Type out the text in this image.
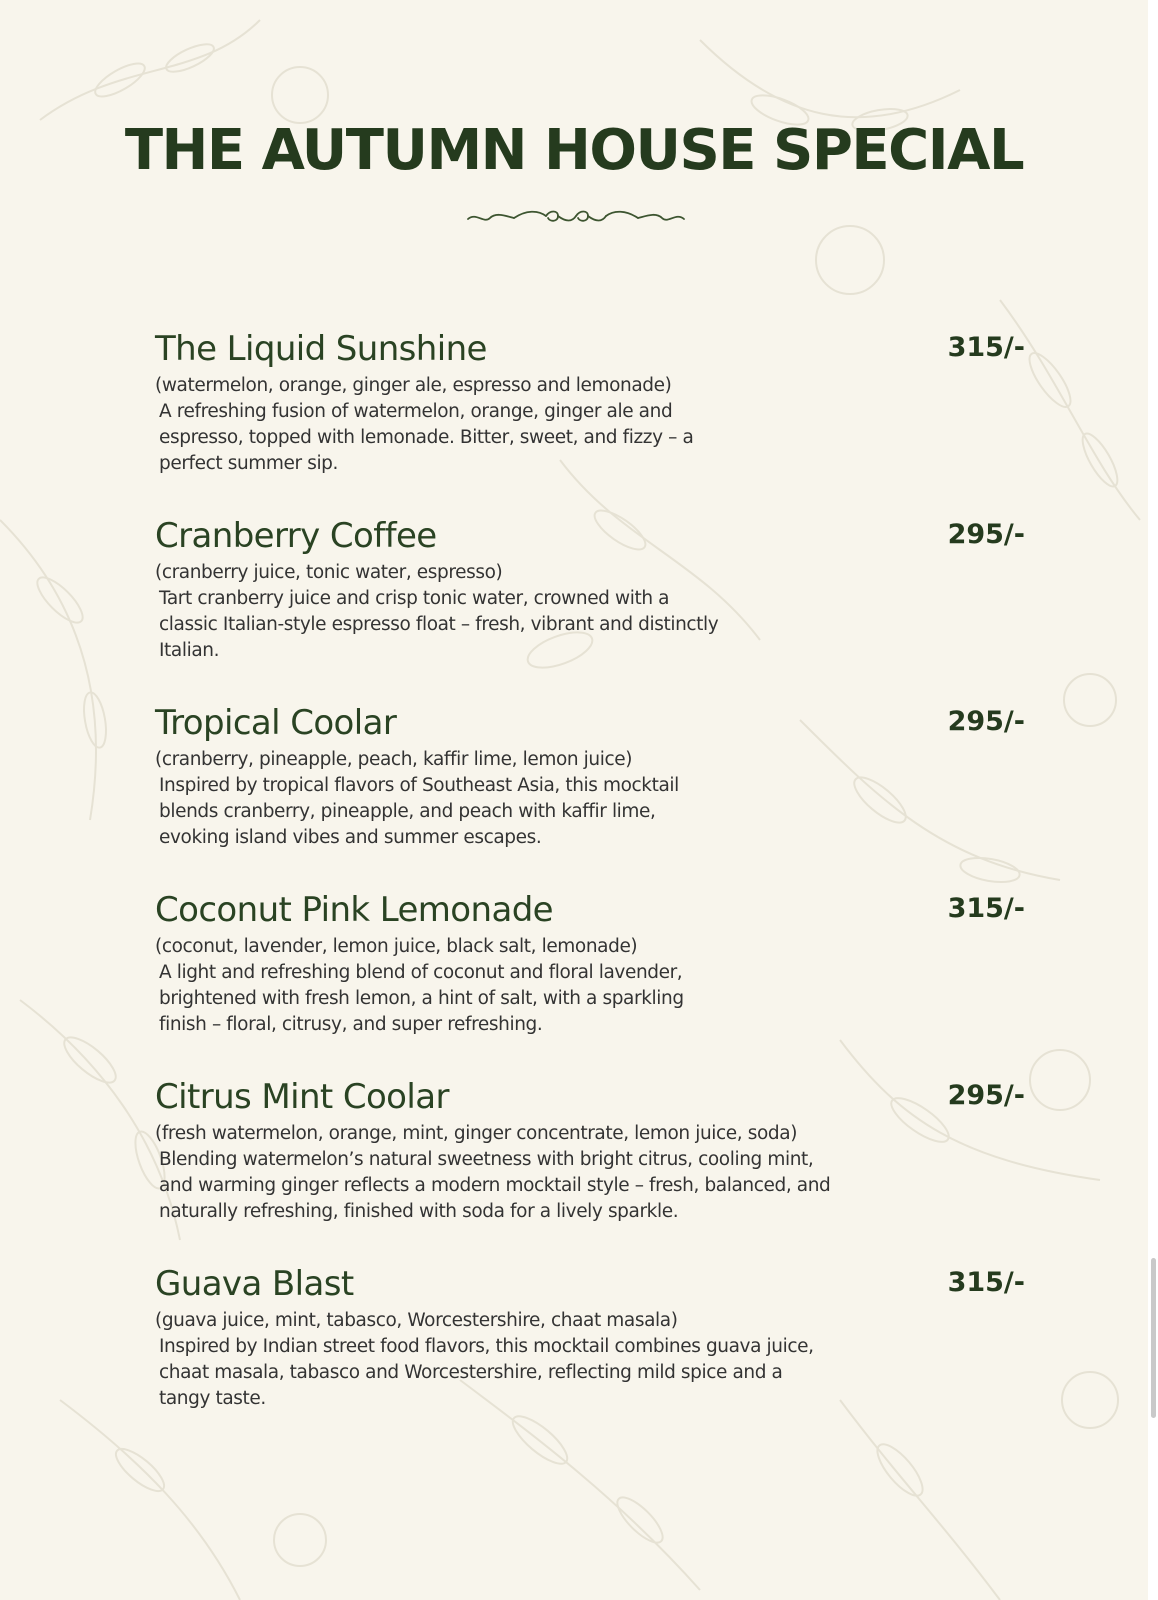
THE AUTUMN HOUSE SPECIAL
The Liquid Sunshine	315/-
(watermelon, orange, ginger ale, espresso and lemonade)
A refreshing fusion of watermelon, orange, ginger ale and
espresso, topped with lemonade. Bitter, sweet, and fizzy – a
perfect summer sip.
Cranberry Coffee	295/-
(cranberry juice, tonic water, espresso)
Tart cranberry juice and crisp tonic water, crowned with a
classic Italian-style espresso float – fresh, vibrant and distinctly
Italian.
Tropical Coolar	295/-
(cranberry, pineapple, peach, kaffir lime, lemon juice)
Inspired by tropical flavors of Southeast Asia, this mocktail
blends cranberry, pineapple, and peach with kaffir lime,
evoking island vibes and summer escapes.
Coconut Pink Lemonade	315/-
(coconut, lavender, lemon juice, black salt, lemonade)
A light and refreshing blend of coconut and floral lavender,
brightened with fresh lemon, a hint of salt, with a sparkling
finish – floral, citrusy, and super refreshing.
Citrus Mint Coolar	295/-
(fresh watermelon, orange, mint, ginger concentrate, lemon juice, soda)
Blending watermelon’s natural sweetness with bright citrus, cooling mint,
and warming ginger reflects a modern mocktail style – fresh, balanced, and
naturally refreshing, finished with soda for a lively sparkle.
Guava Blast	315/-
(guava juice, mint, tabasco, Worcestershire, chaat masala)
Inspired by Indian street food flavors, this mocktail combines guava juice,
chaat masala, tabasco and Worcestershire, reflecting mild spice and a
tangy taste.
